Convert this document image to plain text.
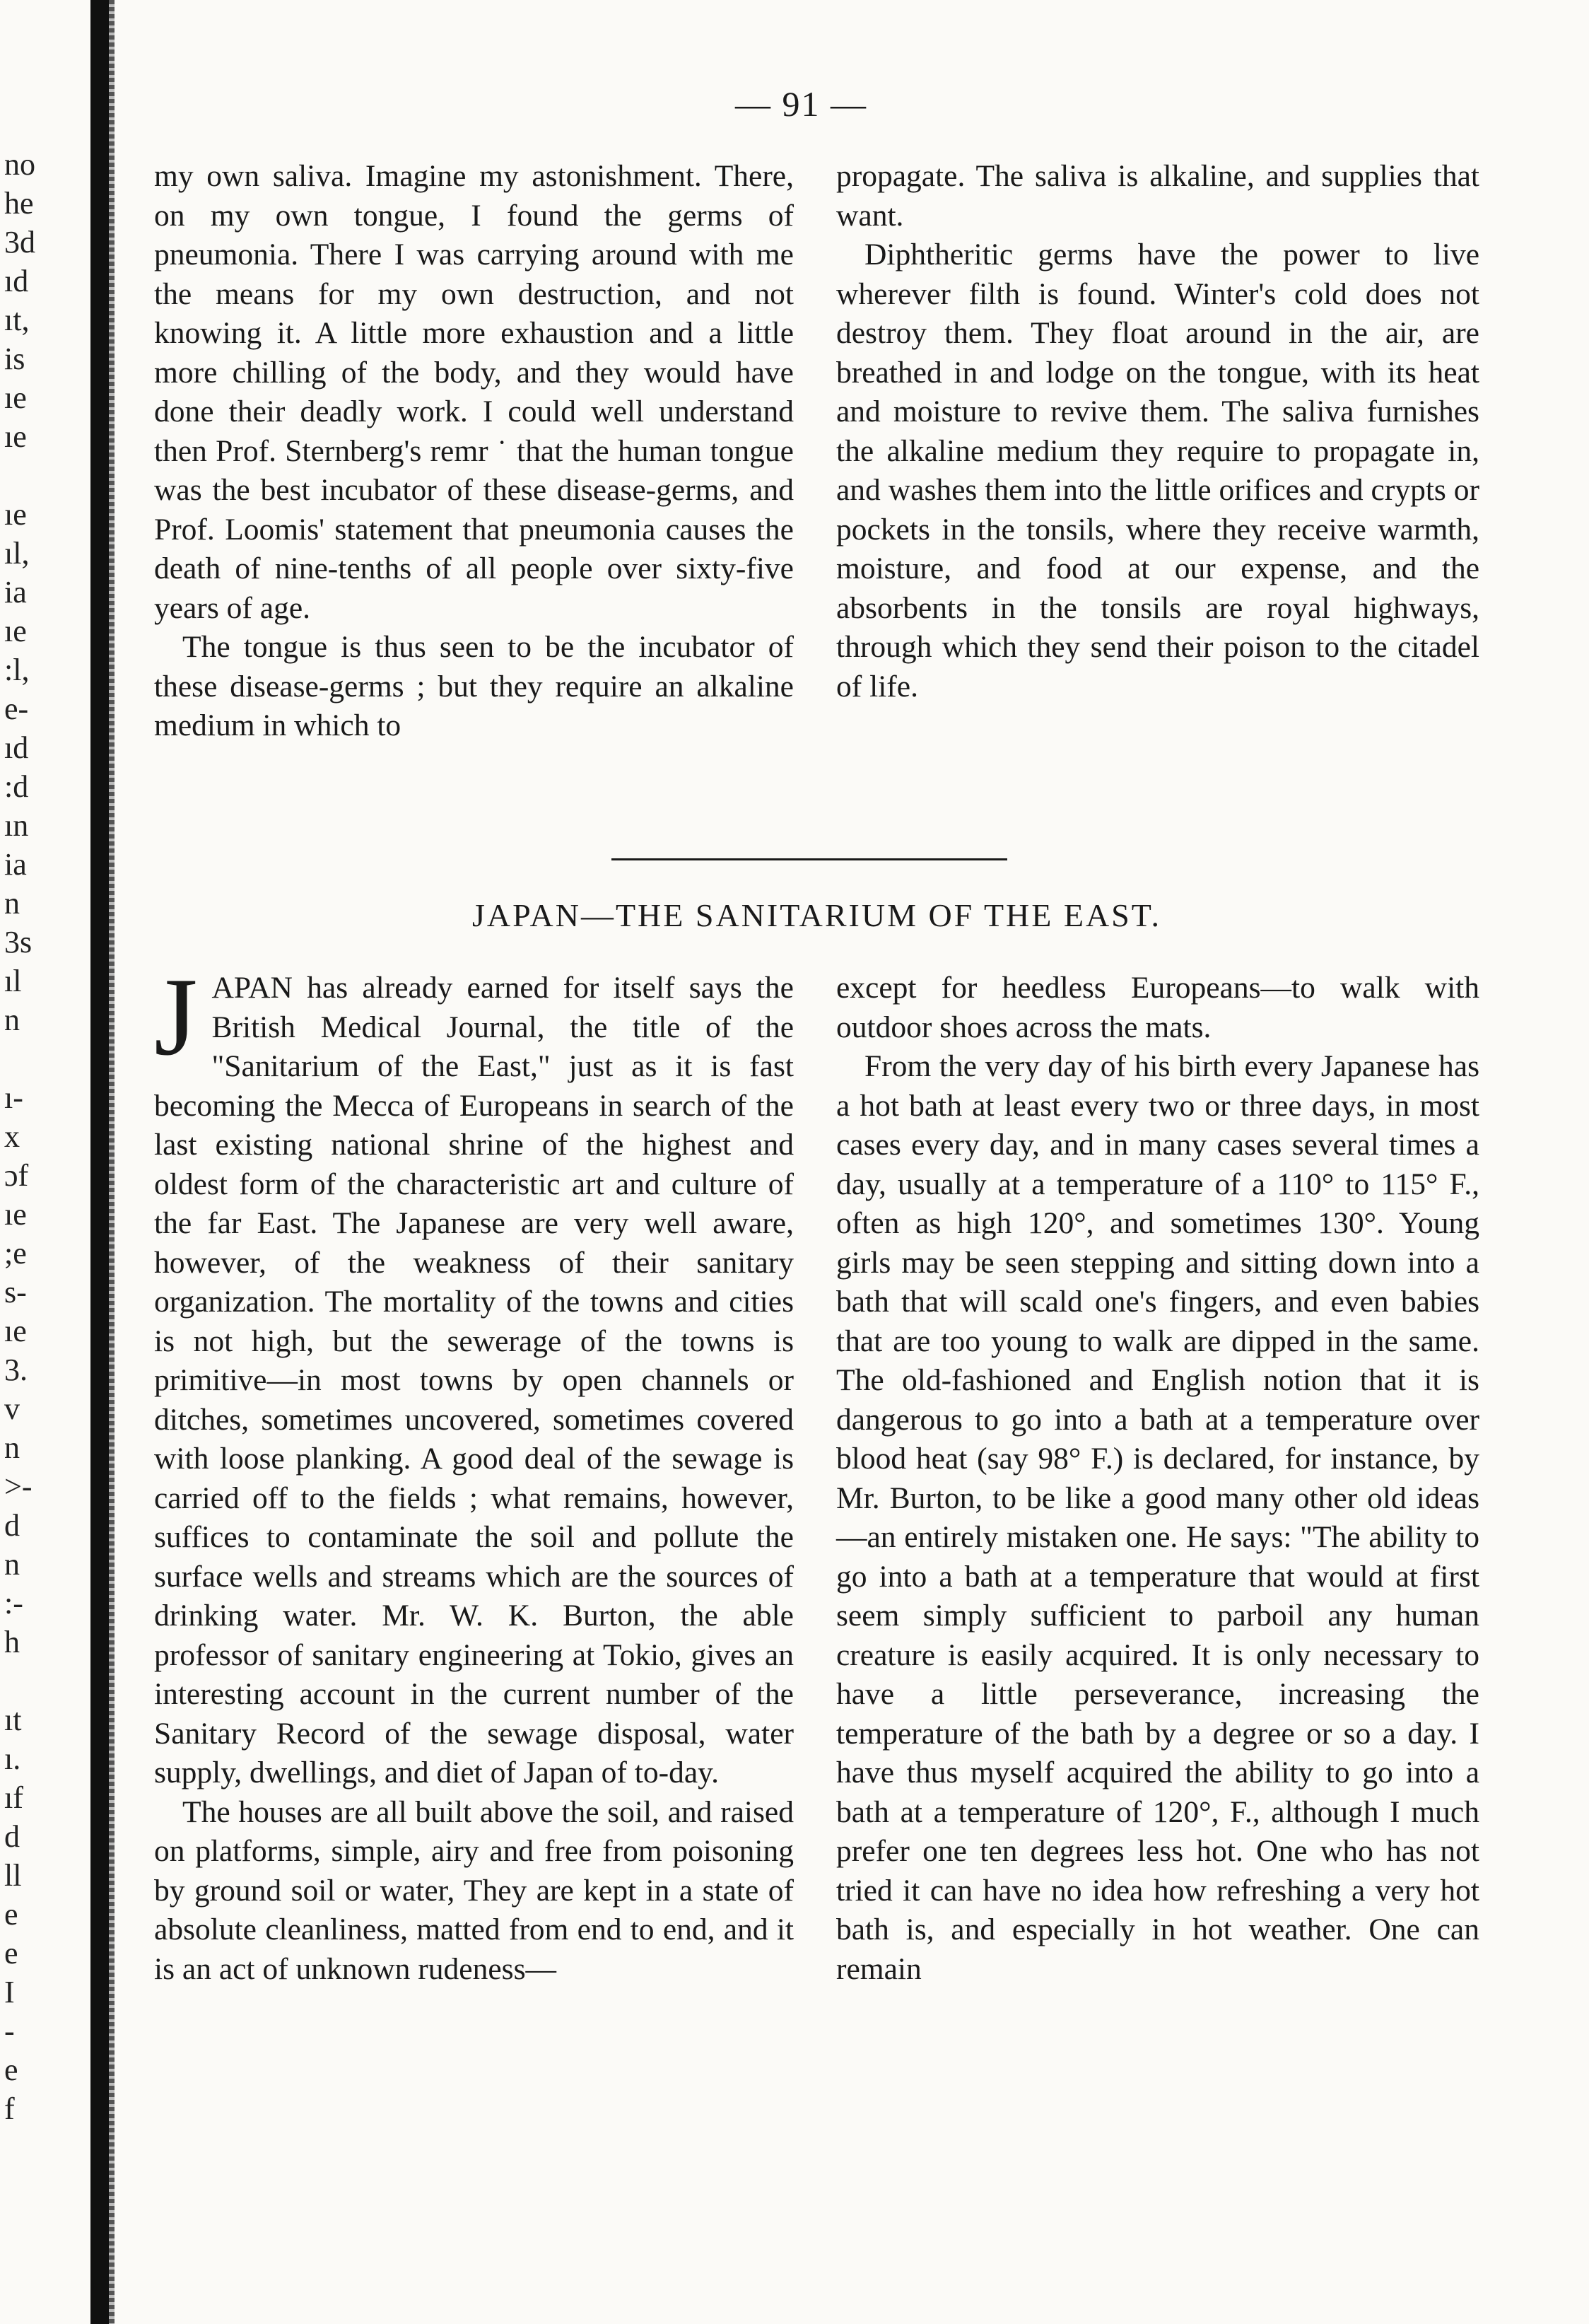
no
he
3d
ıd
ıt,
is
ıe
ıe
ıe
ıl,
ia
ıe
:l,
e-
ıd
:d
ın
ia
n
3s
ıl
n
ı-
x
ɔf
ıe
;e
s-
ıe
3.
v
n
>-
d
n
:-
h
ıt
ı.
ıf
d
ll
e
e
I
-
e
f
— 91 —

my own saliva. Imagine my astonishment. There, on my own tongue, I found the germs of pneumonia. There I was carrying around with me the means for my own destruction, and not knowing it. A little more exhaustion and a little more chilling of the body, and they would have done their deadly work. I could well understand then Prof. Sternberg's remr ˙ that the human tongue was the best incubator of these disease-germs, and Prof. Loomis' statement that pneumonia causes the death of nine-tenths of all people over sixty-five years of age.

The tongue is thus seen to be the incubator of these disease-germs ; but they require an alkaline medium in which to

propagate. The saliva is alkaline, and supplies that want.

Diphtheritic germs have the power to live wherever filth is found. Winter's cold does not destroy them. They float around in the air, are breathed in and lodge on the tongue, with its heat and moisture to revive them. The saliva furnishes the alkaline medium they require to propagate in, and washes them into the little orifices and crypts or pockets in the tonsils, where they receive warmth, moisture, and food at our expense, and the absorbents in the tonsils are royal highways, through which they send their poison to the citadel of life.

JAPAN—THE SANITARIUM OF THE EAST.

JAPAN has already earned for itself says the British Medical Journal, the title of the "Sanitarium of the East," just as it is fast becoming the Mecca of Europeans in search of the last existing national shrine of the highest and oldest form of the characteristic art and culture of the far East. The Japanese are very well aware, however, of the weakness of their sanitary organization. The mortality of the towns and cities is not high, but the sewerage of the towns is primitive—in most towns by open channels or ditches, sometimes uncovered, sometimes covered with loose planking. A good deal of the sewage is carried off to the fields ; what remains, however, suffices to contaminate the soil and pollute the surface wells and streams which are the sources of drinking water. Mr. W. K. Burton, the able professor of sanitary engineering at Tokio, gives an interesting account in the current number of the Sanitary Record of the sewage disposal, water supply, dwellings, and diet of Japan of to-day.

The houses are all built above the soil, and raised on platforms, simple, airy and free from poisoning by ground soil or water, They are kept in a state of absolute cleanliness, matted from end to end, and it is an act of unknown rudeness—

except for heedless Europeans—to walk with outdoor shoes across the mats.

From the very day of his birth every Japanese has a hot bath at least every two or three days, in most cases every day, and in many cases several times a day, usually at a temperature of a 110° to 115° F., often as high 120°, and sometimes 130°. Young girls may be seen stepping and sitting down into a bath that will scald one's fingers, and even babies that are too young to walk are dipped in the same. The old-fashioned and English notion that it is dangerous to go into a bath at a temperature over blood heat (say 98° F.) is declared, for instance, by Mr. Burton, to be like a good many other old ideas—an entirely mistaken one. He says: "The ability to go into a bath at a temperature that would at first seem simply sufficient to parboil any human creature is easily acquired. It is only necessary to have a little perseverance, increasing the temperature of the bath by a degree or so a day. I have thus myself acquired the ability to go into a bath at a temperature of 120°, F., although I much prefer one ten degrees less hot. One who has not tried it can have no idea how refreshing a very hot bath is, and especially in hot weather. One can remain
